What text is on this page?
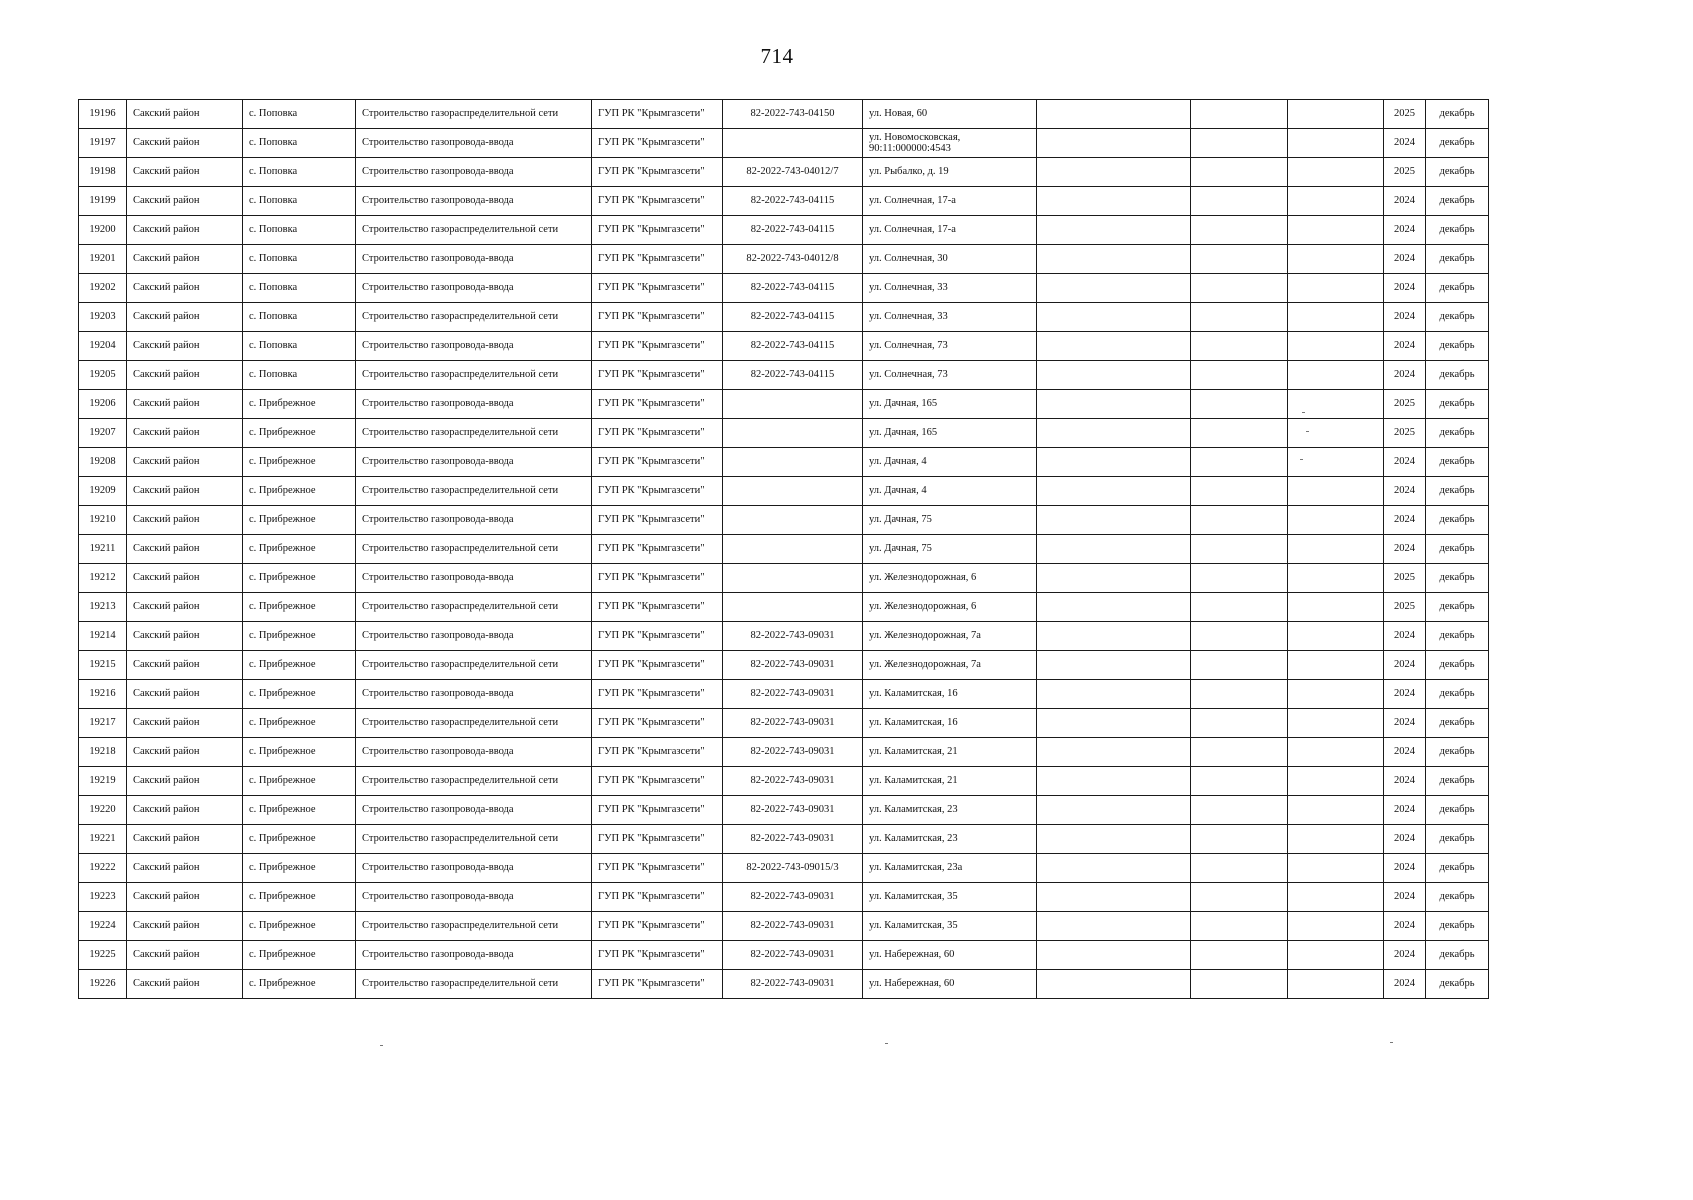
714
19196	Сакский район	с. Поповка	Строительство газораспределительной сети	ГУП РК "Крымгазсети"	82-2022-743-04150	ул. Новая, 60				2025	декабрь
19197	Сакский район	с. Поповка	Строительство газопровода-ввода	ГУП РК "Крымгазсети"		ул. Новомосковская, 90:11:000000:4543				2024	декабрь
19198	Сакский район	с. Поповка	Строительство газопровода-ввода	ГУП РК "Крымгазсети"	82-2022-743-04012/7	ул. Рыбалко, д. 19				2025	декабрь
19199	Сакский район	с. Поповка	Строительство газопровода-ввода	ГУП РК "Крымгазсети"	82-2022-743-04115	ул. Солнечная, 17-а				2024	декабрь
19200	Сакский район	с. Поповка	Строительство газораспределительной сети	ГУП РК "Крымгазсети"	82-2022-743-04115	ул. Солнечная, 17-а				2024	декабрь
19201	Сакский район	с. Поповка	Строительство газопровода-ввода	ГУП РК "Крымгазсети"	82-2022-743-04012/8	ул. Солнечная, 30				2024	декабрь
19202	Сакский район	с. Поповка	Строительство газопровода-ввода	ГУП РК "Крымгазсети"	82-2022-743-04115	ул. Солнечная, 33				2024	декабрь
19203	Сакский район	с. Поповка	Строительство газораспределительной сети	ГУП РК "Крымгазсети"	82-2022-743-04115	ул. Солнечная, 33				2024	декабрь
19204	Сакский район	с. Поповка	Строительство газопровода-ввода	ГУП РК "Крымгазсети"	82-2022-743-04115	ул. Солнечная, 73				2024	декабрь
19205	Сакский район	с. Поповка	Строительство газораспределительной сети	ГУП РК "Крымгазсети"	82-2022-743-04115	ул. Солнечная, 73				2024	декабрь
19206	Сакский район	с. Прибрежное	Строительство газопровода-ввода	ГУП РК "Крымгазсети"		ул. Дачная, 165				2025	декабрь
19207	Сакский район	с. Прибрежное	Строительство газораспределительной сети	ГУП РК "Крымгазсети"		ул. Дачная, 165				2025	декабрь
19208	Сакский район	с. Прибрежное	Строительство газопровода-ввода	ГУП РК "Крымгазсети"		ул. Дачная, 4				2024	декабрь
19209	Сакский район	с. Прибрежное	Строительство газораспределительной сети	ГУП РК "Крымгазсети"		ул. Дачная, 4				2024	декабрь
19210	Сакский район	с. Прибрежное	Строительство газопровода-ввода	ГУП РК "Крымгазсети"		ул. Дачная, 75				2024	декабрь
19211	Сакский район	с. Прибрежное	Строительство газораспределительной сети	ГУП РК "Крымгазсети"		ул. Дачная, 75				2024	декабрь
19212	Сакский район	с. Прибрежное	Строительство газопровода-ввода	ГУП РК "Крымгазсети"		ул. Железнодорожная, 6				2025	декабрь
19213	Сакский район	с. Прибрежное	Строительство газораспределительной сети	ГУП РК "Крымгазсети"		ул. Железнодорожная, 6				2025	декабрь
19214	Сакский район	с. Прибрежное	Строительство газопровода-ввода	ГУП РК "Крымгазсети"	82-2022-743-09031	ул. Железнодорожная, 7а				2024	декабрь
19215	Сакский район	с. Прибрежное	Строительство газораспределительной сети	ГУП РК "Крымгазсети"	82-2022-743-09031	ул. Железнодорожная, 7а				2024	декабрь
19216	Сакский район	с. Прибрежное	Строительство газопровода-ввода	ГУП РК "Крымгазсети"	82-2022-743-09031	ул. Каламитская, 16				2024	декабрь
19217	Сакский район	с. Прибрежное	Строительство газораспределительной сети	ГУП РК "Крымгазсети"	82-2022-743-09031	ул. Каламитская, 16				2024	декабрь
19218	Сакский район	с. Прибрежное	Строительство газопровода-ввода	ГУП РК "Крымгазсети"	82-2022-743-09031	ул. Каламитская, 21				2024	декабрь
19219	Сакский район	с. Прибрежное	Строительство газораспределительной сети	ГУП РК "Крымгазсети"	82-2022-743-09031	ул. Каламитская, 21				2024	декабрь
19220	Сакский район	с. Прибрежное	Строительство газопровода-ввода	ГУП РК "Крымгазсети"	82-2022-743-09031	ул. Каламитская, 23				2024	декабрь
19221	Сакский район	с. Прибрежное	Строительство газораспределительной сети	ГУП РК "Крымгазсети"	82-2022-743-09031	ул. Каламитская, 23				2024	декабрь
19222	Сакский район	с. Прибрежное	Строительство газопровода-ввода	ГУП РК "Крымгазсети"	82-2022-743-09015/3	ул. Каламитская, 23а				2024	декабрь
19223	Сакский район	с. Прибрежное	Строительство газопровода-ввода	ГУП РК "Крымгазсети"	82-2022-743-09031	ул. Каламитская, 35				2024	декабрь
19224	Сакский район	с. Прибрежное	Строительство газораспределительной сети	ГУП РК "Крымгазсети"	82-2022-743-09031	ул. Каламитская, 35				2024	декабрь
19225	Сакский район	с. Прибрежное	Строительство газопровода-ввода	ГУП РК "Крымгазсети"	82-2022-743-09031	ул. Набережная, 60				2024	декабрь
19226	Сакский район	с. Прибрежное	Строительство газораспределительной сети	ГУП РК "Крымгазсети"	82-2022-743-09031	ул. Набережная, 60				2024	декабрь
